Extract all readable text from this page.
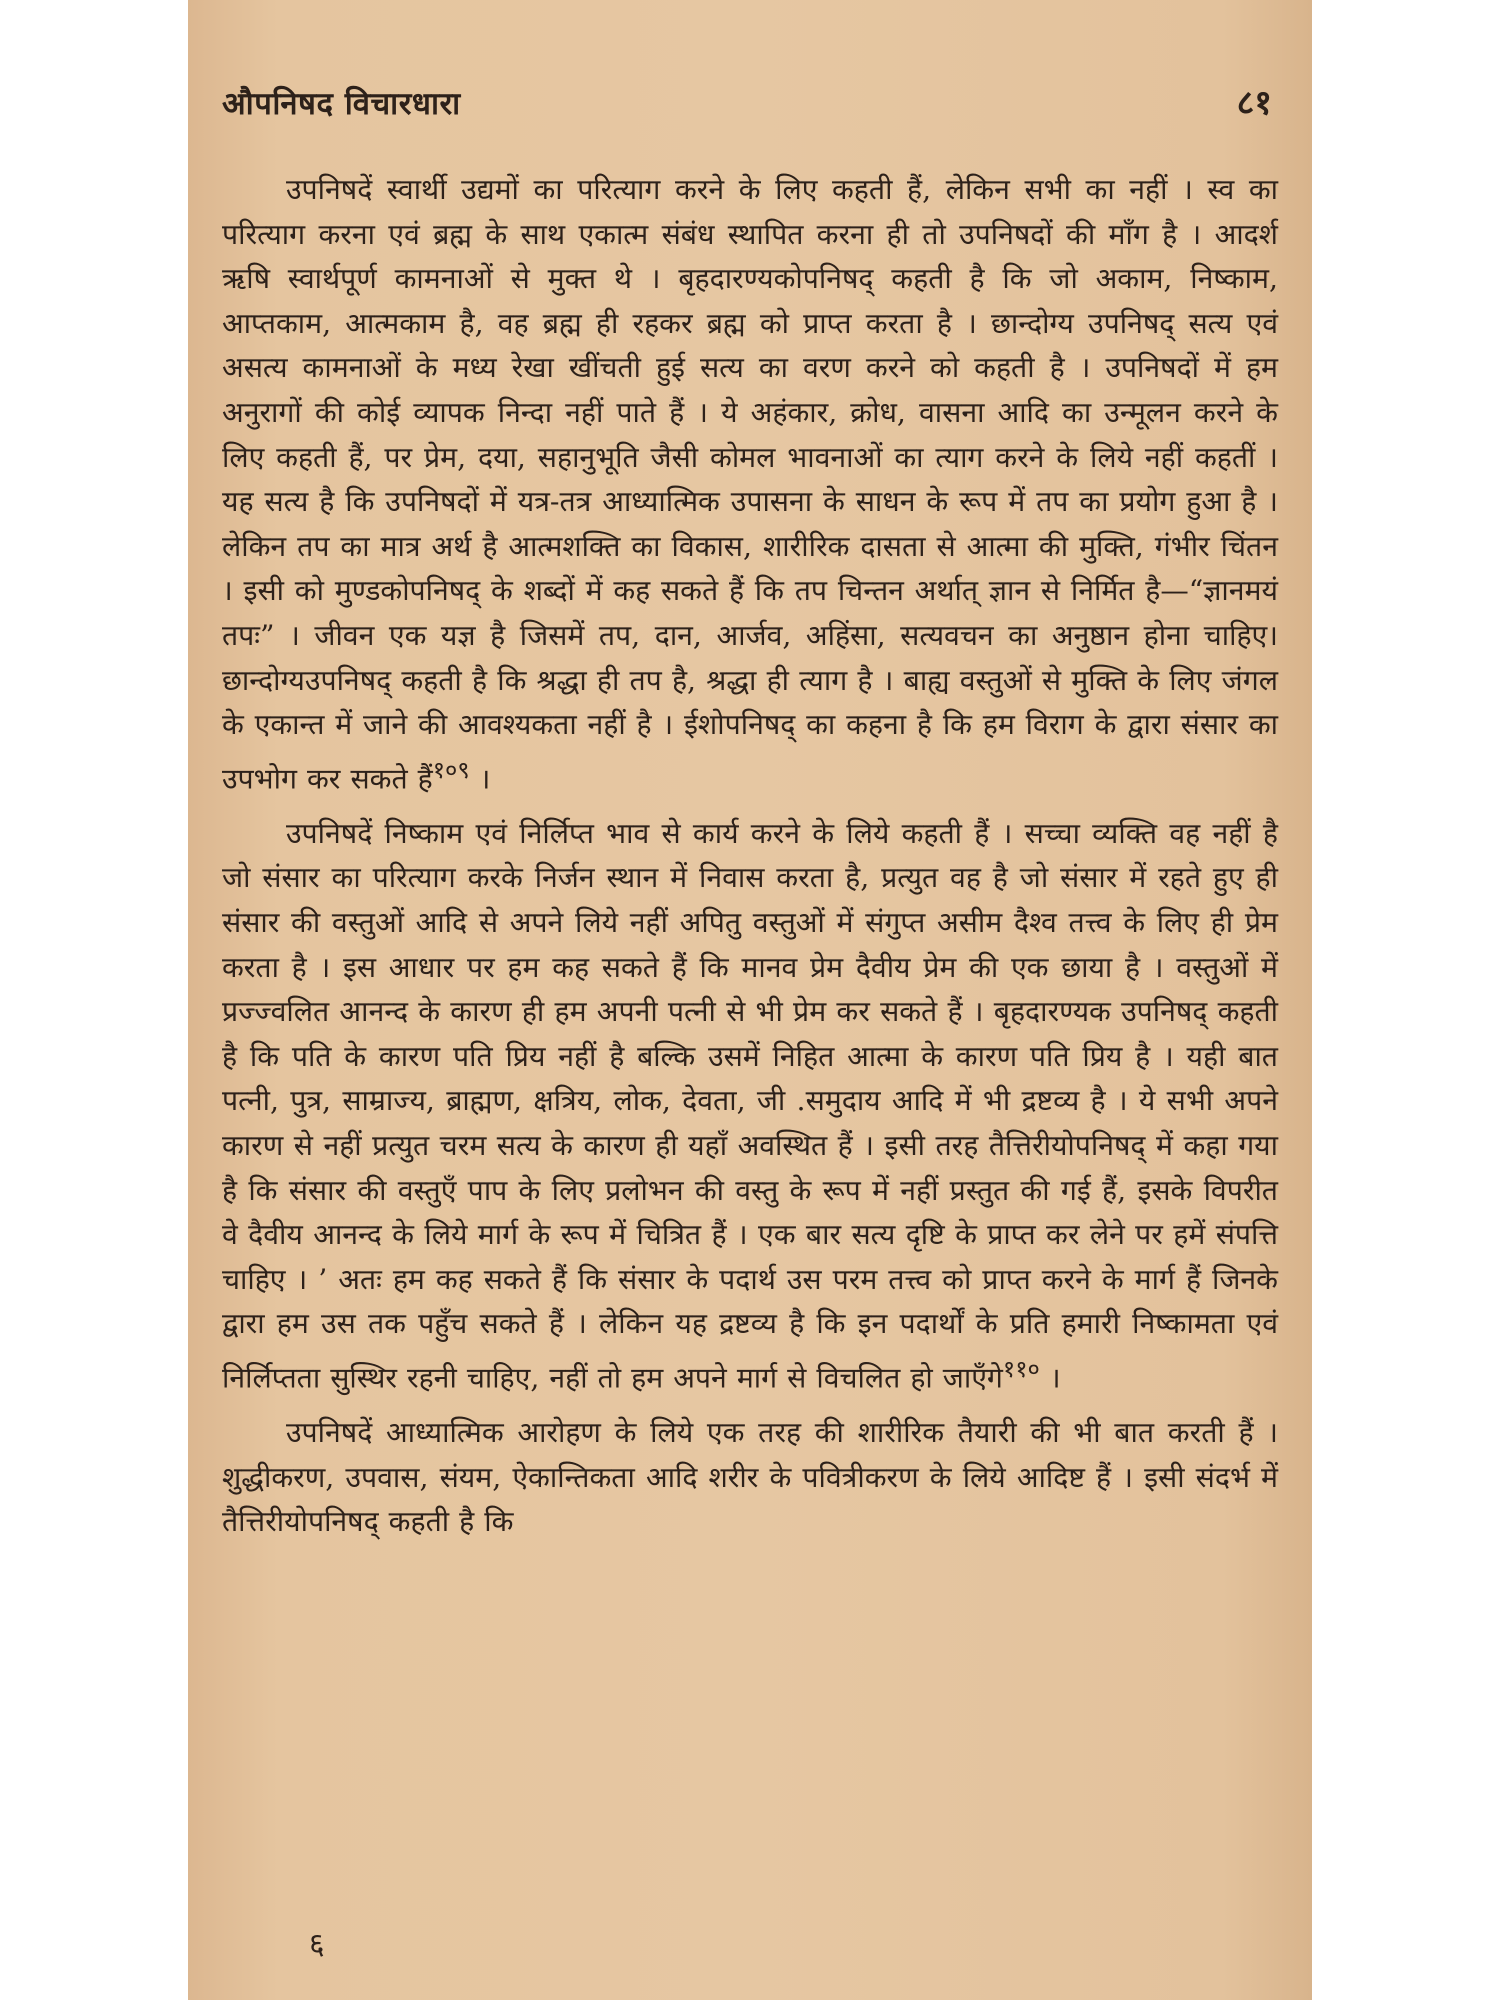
औपनिषद विचारधारा	८१

उपनिषदें स्वार्थी उद्यमों का परित्याग करने के लिए कहती हैं, लेकिन सभी का नहीं । स्व का परित्याग करना एवं ब्रह्म के साथ एकात्म संबंध स्थापित करना ही तो उपनिषदों की माँग है । आदर्श ऋषि स्वार्थपूर्ण कामनाओं से मुक्त थे । बृहदारण्यकोपनिषद् कहती है कि जो अकाम, निष्काम, आप्तकाम, आत्मकाम है, वह ब्रह्म ही रहकर ब्रह्म को प्राप्त करता है । छान्दोग्य उपनिषद् सत्य एवं असत्य कामनाओं के मध्य रेखा खींचती हुई सत्य का वरण करने को कहती है । उपनिषदों में हम अनुरागों की कोई व्यापक निन्दा नहीं पाते हैं । ये अहंकार, क्रोध, वासना आदि का उन्मूलन करने के लिए कहती हैं, पर प्रेम, दया, सहानुभूति जैसी कोमल भावनाओं का त्याग करने के लिये नहीं कहतीं । यह सत्य है कि उपनिषदों में यत्र-तत्र आध्यात्मिक उपासना के साधन के रूप में तप का प्रयोग हुआ है । लेकिन तप का मात्र अर्थ है आत्मशक्ति का विकास, शारीरिक दासता से आत्मा की मुक्ति, गंभीर चिंतन । इसी को मुण्डकोपनिषद् के शब्दों में कह सकते हैं कि तप चिन्तन अर्थात् ज्ञान से निर्मित है—“ज्ञानमयं तपः” । जीवन एक यज्ञ है जिसमें तप, दान, आर्जव, अहिंसा, सत्यवचन का अनुष्ठान होना चाहिए। छान्दोग्यउपनिषद् कहती है कि श्रद्धा ही तप है, श्रद्धा ही त्याग है । बाह्य वस्तुओं से मुक्ति के लिए जंगल के एकान्त में जाने की आवश्यकता नहीं है । ईशोपनिषद् का कहना है कि हम विराग के द्वारा संसार का उपभोग कर सकते हैं$^{१०९}$ ।

उपनिषदें निष्काम एवं निर्लिप्त भाव से कार्य करने के लिये कहती हैं । सच्चा व्यक्ति वह नहीं है जो संसार का परित्याग करके निर्जन स्थान में निवास करता है, प्रत्युत वह है जो संसार में रहते हुए ही संसार की वस्तुओं आदि से अपने लिये नहीं अपितु वस्तुओं में संगुप्त असीम दैश्व तत्त्व के लिए ही प्रेम करता है । इस आधार पर हम कह सकते हैं कि मानव प्रेम दैवीय प्रेम की एक छाया है । वस्तुओं में प्रज्ज्वलित आनन्द के कारण ही हम अपनी पत्नी से भी प्रेम कर सकते हैं । बृहदारण्यक उपनिषद् कहती है कि पति के कारण पति प्रिय नहीं है बल्कि उसमें निहित आत्मा के कारण पति प्रिय है । यही बात पत्नी, पुत्र, साम्राज्य, ब्राह्मण, क्षत्रिय, लोक, देवता, जी .समुदाय आदि में भी द्रष्टव्य है । ये सभी अपने कारण से नहीं प्रत्युत चरम सत्य के कारण ही यहाँ अवस्थित हैं । इसी तरह तैत्तिरीयोपनिषद् में कहा गया है कि संसार की वस्तुएँ पाप के लिए प्रलोभन की वस्तु के रूप में नहीं प्रस्तुत की गई हैं, इसके विपरीत वे दैवीय आनन्द के लिये मार्ग के रूप में चित्रित हैं । एक बार सत्य दृष्टि के प्राप्त कर लेने पर हमें संपत्ति चाहिए । ’ अतः हम कह सकते हैं कि संसार के पदार्थ उस परम तत्त्व को प्राप्त करने के मार्ग हैं जिनके द्वारा हम उस तक पहुँच सकते हैं । लेकिन यह द्रष्टव्य है कि इन पदार्थों के प्रति हमारी निष्कामता एवं निर्लिप्तता सुस्थिर रहनी चाहिए, नहीं तो हम अपने मार्ग से विचलित हो जाएँगे$^{११०}$ ।

उपनिषदें आध्यात्मिक आरोहण के लिये एक तरह की शारीरिक तैयारी की भी बात करती हैं । शुद्धीकरण, उपवास, संयम, ऐकान्तिकता आदि शरीर के पवित्रीकरण के लिये आदिष्ट हैं । इसी संदर्भ में तैत्तिरीयोपनिषद् कहती है कि

६
